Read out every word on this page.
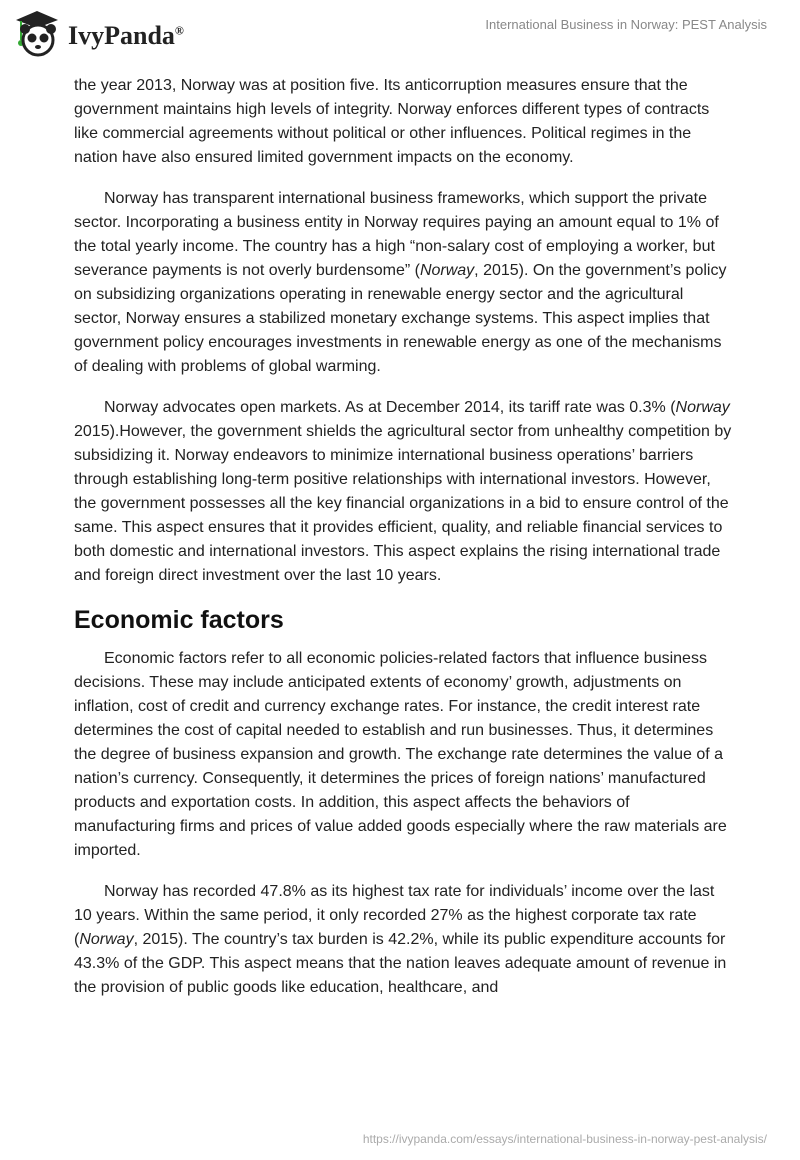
IvyPanda®	International Business in Norway: PEST Analysis

the year 2013, Norway was at position five. Its anticorruption measures ensure that the government maintains high levels of integrity. Norway enforces different types of contracts like commercial agreements without political or other influences. Political regimes in the nation have also ensured limited government impacts on the economy.

Norway has transparent international business frameworks, which support the private sector. Incorporating a business entity in Norway requires paying an amount equal to 1% of the total yearly income. The country has a high “non-salary cost of employing a worker, but severance payments is not overly burdensome” (Norway, 2015). On the government’s policy on subsidizing organizations operating in renewable energy sector and the agricultural sector, Norway ensures a stabilized monetary exchange systems. This aspect implies that government policy encourages investments in renewable energy as one of the mechanisms of dealing with problems of global warming.

Norway advocates open markets. As at December 2014, its tariff rate was 0.3% (Norway 2015).However, the government shields the agricultural sector from unhealthy competition by subsidizing it. Norway endeavors to minimize international business operations’ barriers through establishing long-term positive relationships with international investors. However, the government possesses all the key financial organizations in a bid to ensure control of the same. This aspect ensures that it provides efficient, quality, and reliable financial services to both domestic and international investors. This aspect explains the rising international trade and foreign direct investment over the last 10 years.

Economic factors

Economic factors refer to all economic policies-related factors that influence business decisions. These may include anticipated extents of economy’ growth, adjustments on inflation, cost of credit and currency exchange rates. For instance, the credit interest rate determines the cost of capital needed to establish and run businesses. Thus, it determines the degree of business expansion and growth. The exchange rate determines the value of a nation’s currency. Consequently, it determines the prices of foreign nations’ manufactured products and exportation costs. In addition, this aspect affects the behaviors of manufacturing firms and prices of value added goods especially where the raw materials are imported.

Norway has recorded 47.8% as its highest tax rate for individuals’ income over the last 10 years. Within the same period, it only recorded 27% as the highest corporate tax rate (Norway, 2015). The country’s tax burden is 42.2%, while its public expenditure accounts for 43.3% of the GDP. This aspect means that the nation leaves adequate amount of revenue in the provision of public goods like education, healthcare, and

https://ivypanda.com/essays/international-business-in-norway-pest-analysis/
